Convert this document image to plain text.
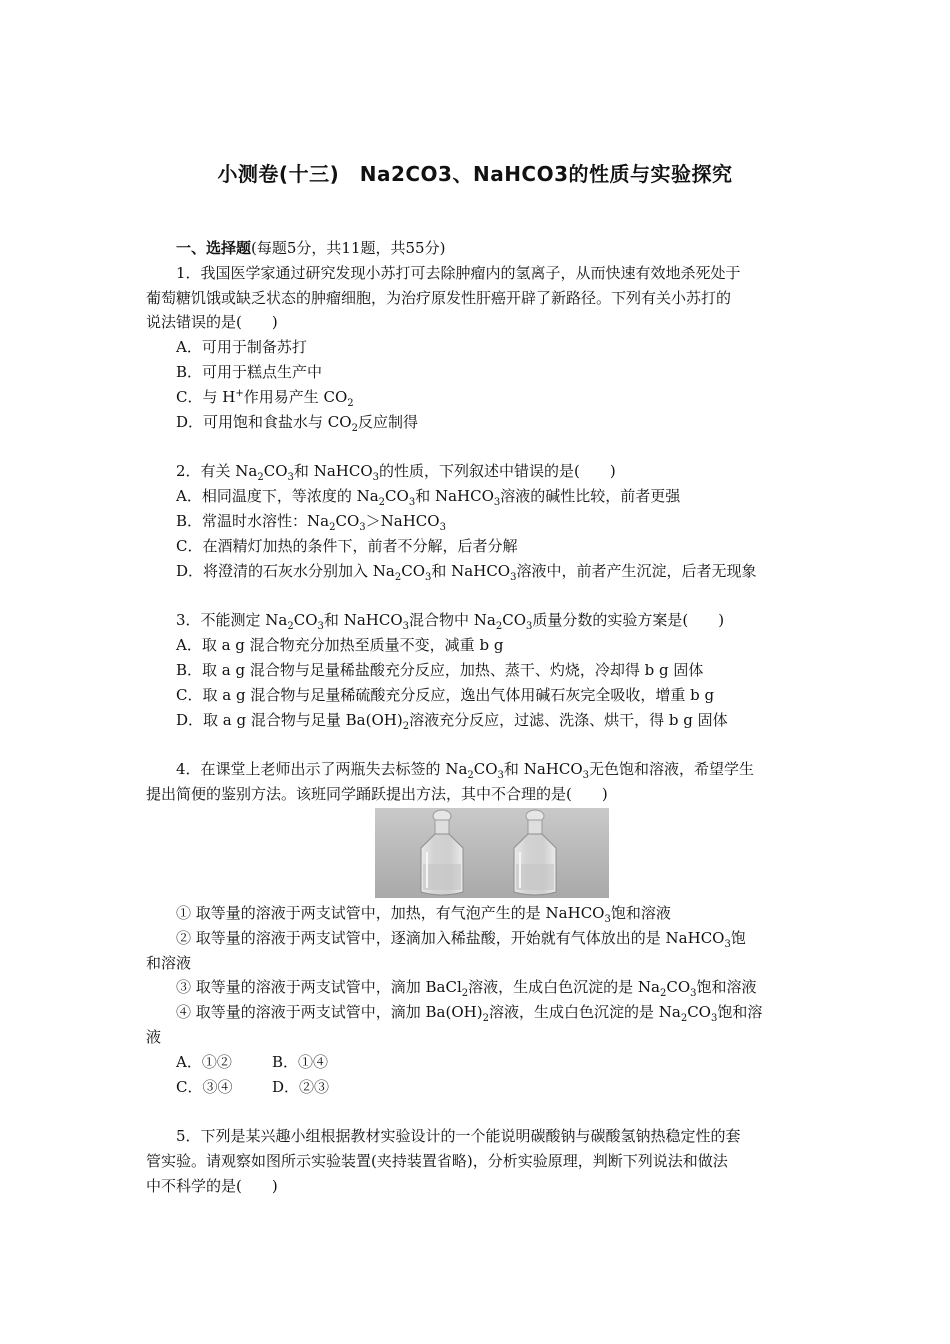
小测卷(十三)　Na2CO3、NaHCO3的性质与实验探究

一、选择题(每题5分，共11题，共55分)

1．我国医学家通过研究发现小苏打可去除肿瘤内的氢离子，从而快速有效地杀死处于

葡萄糖饥饿或缺乏状态的肿瘤细胞，为治疗原发性肝癌开辟了新路径。下列有关小苏打的

说法错误的是(　　)

A．可用于制备苏打

B．可用于糕点生产中

C．与 H+作用易产生 $CO_2$

D．可用饱和食盐水与 $CO_2$反应制得

2．有关 $Na_2CO_3$和 NaHCO$_3$的性质，下列叙述中错误的是(　　)

A．相同温度下，等浓度的 $Na_2CO_3$和 NaHCO$_3$溶液的碱性比较，前者更强

B．常温时水溶性：$Na_2CO_3>NaHCO_3$

C．在酒精灯加热的条件下，前者不分解，后者分解

D．将澄清的石灰水分别加入 $Na_2CO_3$和 NaHCO$_3$溶液中，前者产生沉淀，后者无现象

3．不能测定 $Na_2CO_3$和 NaHCO$_3$混合物中 $Na_2CO_3$质量分数的实验方案是(　　)

A．取 a g 混合物充分加热至质量不变，减重 b g

B．取 a g 混合物与足量稀盐酸充分反应，加热、蒸干、灼烧，冷却得 b g 固体

C．取 a g 混合物与足量稀硫酸充分反应，逸出气体用碱石灰完全吸收，增重 b g

D．取 a g 混合物与足量 $Ba(OH)_2$溶液充分反应，过滤、洗涤、烘干，得 b g 固体

4．在课堂上老师出示了两瓶失去标签的 $Na_2CO_3$和 NaHCO$_3$无色饱和溶液，希望学生

提出简便的鉴别方法。该班同学踊跃提出方法，其中不合理的是(　　)

① 取等量的溶液于两支试管中，加热，有气泡产生的是 NaHCO$_3$饱和溶液

② 取等量的溶液于两支试管中，逐滴加入稀盐酸，开始就有气体放出的是 NaHCO$_3$饱

和溶液

③ 取等量的溶液于两支试管中，滴加 BaCl$_2$溶液，生成白色沉淀的是 $Na_2CO_3$饱和溶液

④ 取等量的溶液于两支试管中，滴加 $Ba(OH)_2$溶液，生成白色沉淀的是 $Na_2CO_3$饱和溶

液

A．①②	B．①④

C．③④	D．②③

5．下列是某兴趣小组根据教材实验设计的一个能说明碳酸钠与碳酸氢钠热稳定性的套

管实验。请观察如图所示实验装置(夹持装置省略)，分析实验原理，判断下列说法和做法

中不科学的是(　　)
